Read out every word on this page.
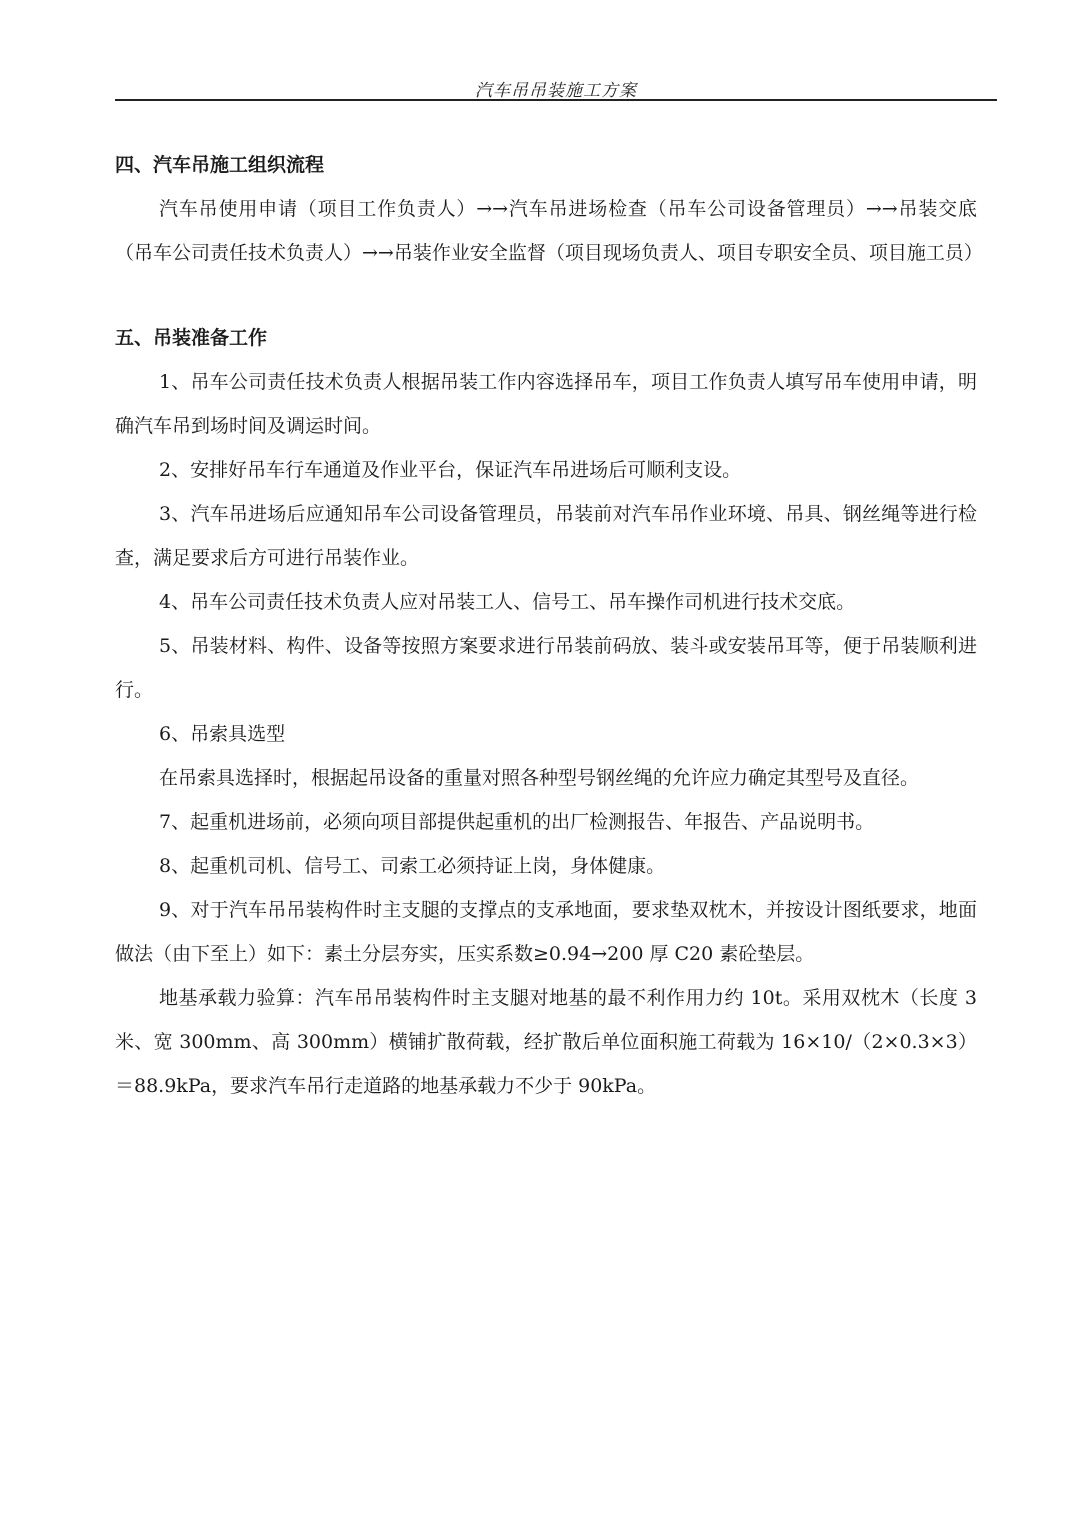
汽车吊吊装施工方案

四、汽车吊施工组织流程

汽车吊使用申请（项目工作负责人）→→汽车吊进场检查（吊车公司设备管理员）→→吊装交底（吊车公司责任技术负责人）→→吊装作业安全监督（项目现场负责人、项目专职安全员、项目施工员）

五、吊装准备工作

1、吊车公司责任技术负责人根据吊装工作内容选择吊车，项目工作负责人填写吊车使用申请，明确汽车吊到场时间及调运时间。

2、安排好吊车行车通道及作业平台，保证汽车吊进场后可顺利支设。

3、汽车吊进场后应通知吊车公司设备管理员，吊装前对汽车吊作业环境、吊具、钢丝绳等进行检查，满足要求后方可进行吊装作业。

4、吊车公司责任技术负责人应对吊装工人、信号工、吊车操作司机进行技术交底。

5、吊装材料、构件、设备等按照方案要求进行吊装前码放、装斗或安装吊耳等，便于吊装顺利进行。

6、吊索具选型

在吊索具选择时，根据起吊设备的重量对照各种型号钢丝绳的允许应力确定其型号及直径。

7、起重机进场前，必须向项目部提供起重机的出厂检测报告、年报告、产品说明书。

8、起重机司机、信号工、司索工必须持证上岗，身体健康。

9、对于汽车吊吊装构件时主支腿的支撑点的支承地面，要求垫双枕木，并按设计图纸要求，地面做法（由下至上）如下：素土分层夯实，压实系数≥0.94→200 厚 C20 素砼垫层。

地基承载力验算：汽车吊吊装构件时主支腿对地基的最不利作用力约 10t。采用双枕木（长度 3 米、宽 300mm、高 300mm）横铺扩散荷载，经扩散后单位面积施工荷载为 16×10/（2×0.3×3）＝88.9kPa，要求汽车吊行走道路的地基承载力不少于 90kPa。
